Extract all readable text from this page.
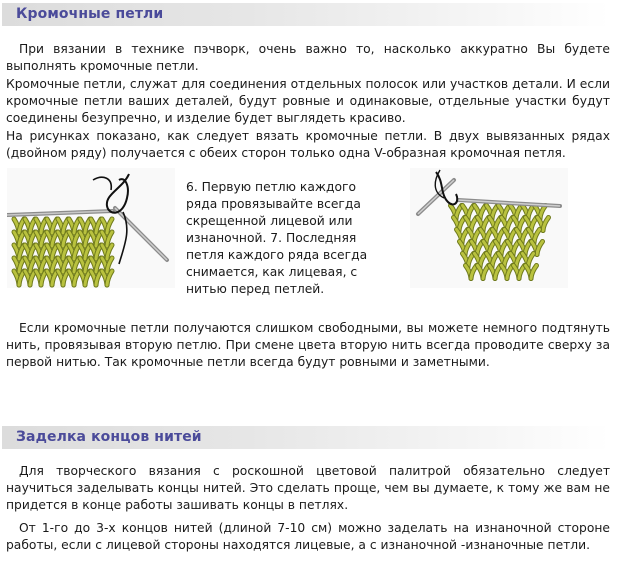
Кромочные петли

При вязании в технике пэчворк, очень важно то, насколько аккуратно Вы будете выполнять кромочные петли.

Кромочные петли, служат для соединения отдельных полосок или участков детали. И если кромочные петли ваших деталей, будут ровные и одинаковые, отдельные участки будут соединены безупречно, и изделие будет выглядеть красиво.

На рисунках показано, как следует вязать кромочные петли. В двух вывязанных рядах (двойном ряду) получается с обеих сторон только одна V-образная кромочная петля.

6. Первую петлю каждого ряда провязывайте всегда скрещенной лицевой или изнаночной. 7. Последняя петля каждого ряда всегда снимается, как лицевая, с нитью перед петлей.

Если кромочные петли получаются слишком свободными, вы можете немного подтянуть нить, провязывая вторую петлю. При смене цвета вторую нить всегда проводите сверху за первой нитью. Так кромочные петли всегда будут ровными и заметными.

Заделка концов нитей

Для творческого вязания с роскошной цветовой палитрой обязательно следует научиться заделывать концы нитей. Это сделать проще, чем вы думаете, к тому же вам не придется в конце работы зашивать концы в петлях.

От 1-го до 3-х концов нитей (длиной 7-10 см) можно заделать на изнаночной стороне работы, если с лицевой стороны находятся лицевые, а с изнаночной -изнаночные петли.
